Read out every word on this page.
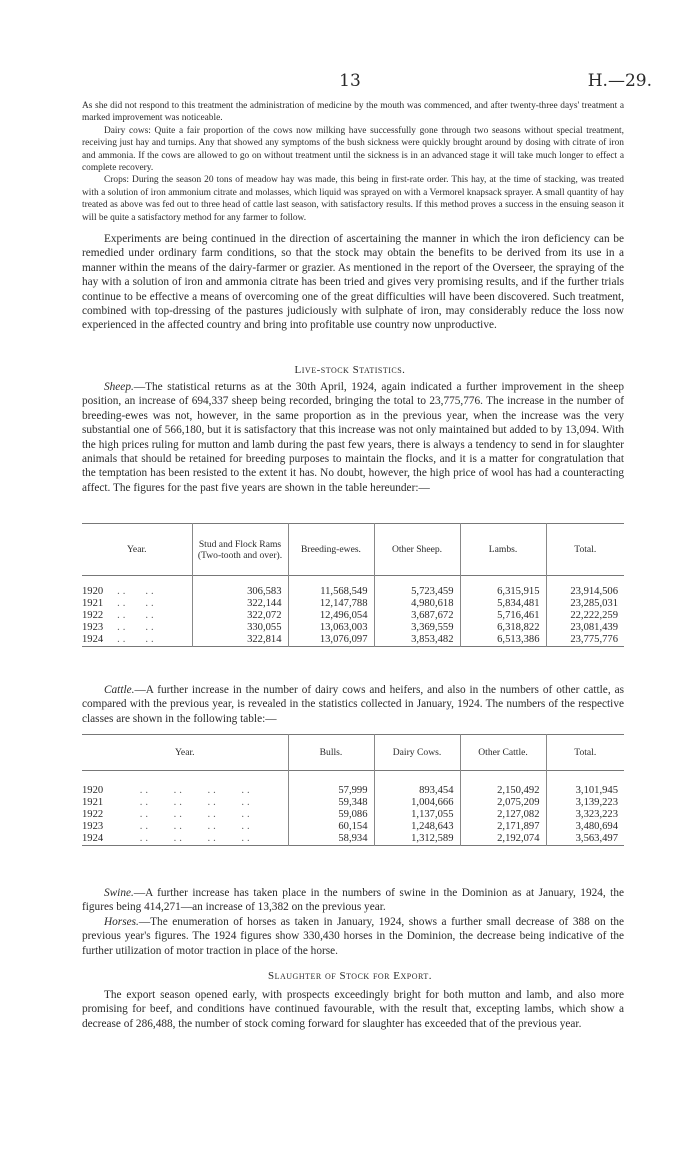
13	H.—29.

As she did not respond to this treatment the administration of medicine by the mouth was commenced, and after twenty-three days' treatment a marked improvement was noticeable.

Dairy cows: Quite a fair proportion of the cows now milking have successfully gone through two seasons without special treatment, receiving just hay and turnips. Any that showed any symptoms of the bush sickness were quickly brought around by dosing with citrate of iron and ammonia. If the cows are allowed to go on without treatment until the sickness is in an advanced stage it will take much longer to effect a complete recovery.

Crops: During the season 20 tons of meadow hay was made, this being in first-rate order. This hay, at the time of stacking, was treated with a solution of iron ammonium citrate and molasses, which liquid was sprayed on with a Vermorel knapsack sprayer. A small quantity of hay treated as above was fed out to three head of cattle last season, with satisfactory results. If this method proves a success in the ensuing season it will be quite a satisfactory method for any farmer to follow.

Experiments are being continued in the direction of ascertaining the manner in which the iron deficiency can be remedied under ordinary farm conditions, so that the stock may obtain the benefits to be derived from its use in a manner within the means of the dairy-farmer or grazier. As mentioned in the report of the Overseer, the spraying of the hay with a solution of iron and ammonia citrate has been tried and gives very promising results, and if the further trials continue to be effective a means of overcoming one of the great difficulties will have been discovered. Such treatment, combined with top-dressing of the pastures judiciously with sulphate of iron, may considerably reduce the loss now experienced in the affected country and bring into profitable use country now unproductive.

Live-stock Statistics.

Sheep.—The statistical returns as at the 30th April, 1924, again indicated a further improvement in the sheep position, an increase of 694,337 sheep being recorded, bringing the total to 23,775,776. The increase in the number of breeding-ewes was not, however, in the same proportion as in the previous year, when the increase was the very substantial one of 566,180, but it is satisfactory that this increase was not only maintained but added to by 13,094. With the high prices ruling for mutton and lamb during the past few years, there is always a tendency to send in for slaughter animals that should be retained for breeding purposes to maintain the flocks, and it is a matter for congratulation that the temptation has been resisted to the extent it has. No doubt, however, the high price of wool has had a counteracting affect. The figures for the past five years are shown in the table hereunder:—

Year.	Stud and Flock Rams (Two-tooth and over).	Breeding-ewes.	Other Sheep.	Lambs.	Total.

1920   ..   ..	306,583	11,568,549	5,723,459	6,315,915	23,914,506
1921   ..   ..	322,144	12,147,788	4,980,618	5,834,481	23,285,031
1922   ..   ..	322,072	12,496,054	3,687,672	5,716,461	22,222,259
1923   ..   ..	330,055	13,063,003	3,369,559	6,318,822	23,081,439
1924   ..   ..	322,814	13,076,097	3,853,482	6,513,386	23,775,776

Cattle.—A further increase in the number of dairy cows and heifers, and also in the numbers of other cattle, as compared with the previous year, is revealed in the statistics collected in January, 1924. The numbers of the respective classes are shown in the following table:—

Year.	Bulls.	Dairy Cows.	Other Cattle.	Total.

1920       ..    ..    ..    ..	57,999	893,454	2,150,492	3,101,945
1921       ..    ..    ..    ..	59,348	1,004,666	2,075,209	3,139,223
1922       ..    ..    ..    ..	59,086	1,137,055	2,127,082	3,323,223
1923       ..    ..    ..    ..	60,154	1,248,643	2,171,897	3,480,694
1924       ..    ..    ..    ..	58,934	1,312,589	2,192,074	3,563,497

Swine.—A further increase has taken place in the numbers of swine in the Dominion as at January, 1924, the figures being 414,271—an increase of 13,382 on the previous year.

Horses.—The enumeration of horses as taken in January, 1924, shows a further small decrease of 388 on the previous year's figures. The 1924 figures show 330,430 horses in the Dominion, the decrease being indicative of the further utilization of motor traction in place of the horse.

Slaughter of Stock for Export.

The export season opened early, with prospects exceedingly bright for both mutton and lamb, and also more promising for beef, and conditions have continued favourable, with the result that, excepting lambs, which show a decrease of 286,488, the number of stock coming forward for slaughter has exceeded that of the previous year.
